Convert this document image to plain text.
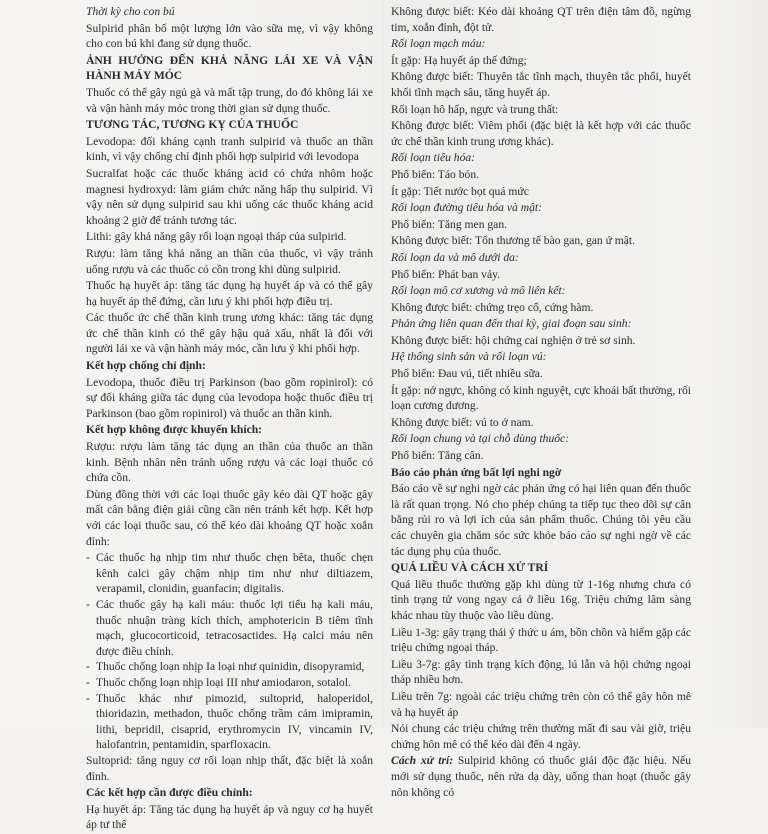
Thời kỳ cho con bú

Sulpirid phân bố một lượng lớn vào sữa mẹ, vì vậy không cho con bú khi đang sử dụng thuốc.

ẢNH HƯỞNG ĐẾN KHẢ NĂNG LÁI XE VÀ VẬN HÀNH MÁY MÓC

Thuốc có thể gây ngủ gà và mất tập trung, do đó không lái xe và vận hành máy móc trong thời gian sử dụng thuốc.

TƯƠNG TÁC, TƯƠNG KỴ CỦA THUỐC

Levodopa: đối kháng cạnh tranh sulpirid và thuốc an thần kinh, vì vậy chống chỉ định phối hợp sulpirid với levodopa

Sucralfat hoặc các thuốc kháng acid có chứa nhôm hoặc magnesi hydroxyd: làm giảm chức năng hấp thụ sulpirid. Vì vậy nên sử dụng sulpirid sau khi uống các thuốc kháng acid khoảng 2 giờ để tránh tương tác.

Lithi: gây khả năng gây rối loạn ngoại tháp của sulpirid.

Rượu: làm tăng khả năng an thần của thuốc, vì vậy tránh uống rượu và các thuốc có cồn trong khi dùng sulpirid.

Thuốc hạ huyết áp: tăng tác dụng hạ huyết áp và có thể gây hạ huyết áp thế đứng, cần lưu ý khi phối hợp điều trị.

Các thuốc ức chế thần kinh trung ương khác: tăng tác dụng ức chế thần kinh có thể gây hậu quả xấu, nhất là đối với người lái xe và vận hành máy móc, cần lưu ý khi phối hợp.

Kết hợp chống chỉ định:

Levodopa, thuốc điều trị Parkinson (bao gồm ropinirol): có sự đối kháng giữa tác dụng của levodopa hoặc thuốc điều trị Parkinson (bao gồm ropinirol) và thuốc an thần kinh.

Kết hợp không được khuyến khích:

Rượu: rượu làm tăng tác dụng an thần của thuốc an thần kinh. Bệnh nhân nên tránh uống rượu và các loại thuốc có chứa cồn.

Dùng đồng thời với các loại thuốc gây kéo dài QT hoặc gây mất cân bằng điện giải cũng cần nên tránh kết hợp. Kết hợp với các loại thuốc sau, có thể kéo dài khoảng QT hoặc xoắn đỉnh:

- Các thuốc hạ nhịp tim như thuốc chẹn bêta, thuốc chẹn kênh calci gây chậm nhịp tim như như diltiazem, verapamil, clonidin, guanfacin; digitalis.
- Các thuốc gây hạ kali máu: thuốc lợi tiểu hạ kali máu, thuốc nhuận tràng kích thích, amphotericin B tiêm tĩnh mạch, glucocorticoid, tetracosactides. Hạ calci máu nên được điều chỉnh.
- Thuốc chống loạn nhịp Ia loại như quinidin, disopyramid,
- Thuốc chống loạn nhịp loại III như amiodaron, sotalol.
- Thuốc khác như pimozid, sultoprid, haloperidol, thioridazin, methadon, thuốc chống trầm cảm imipramin, lithi, bepridil, cisaprid, erythromycin IV, vincamin IV, halofantrin, pentamidin, sparfloxacin.

Sultoprid: tăng nguy cơ rối loạn nhịp thất, đặc biệt là xoắn đỉnh.

Các kết hợp cần được điều chỉnh:

Hạ huyết áp: Tăng tác dụng hạ huyết áp và nguy cơ hạ huyết áp tư thế

Không được biết: Kéo dài khoảng QT trên điện tâm đồ, ngừng tim, xoắn đỉnh, đột tử.

Rối loạn mạch máu:

Ít gặp: Hạ huyết áp thế đứng;

Không được biết: Thuyên tắc tĩnh mạch, thuyên tắc phổi, huyết khối tĩnh mạch sâu, tăng huyết áp.

Rối loạn hô hấp, ngực và trung thất:

Không được biết: Viêm phổi (đặc biệt là kết hợp với các thuốc ức chế thần kinh trung ương khác).

Rối loạn tiêu hóa:

Phổ biến: Táo bón.

Ít gặp: Tiết nước bọt quá mức

Rối loạn đường tiêu hóa và mật:

Phổ biến: Tăng men gan.

Không được biết: Tổn thương tế bào gan, gan ứ mật.

Rối loạn da và mô dưới da:

Phổ biến: Phát ban vảy.

Rối loạn mô cơ xương và mô liên kết:

Không được biết: chứng trẹo cổ, cứng hàm.

Phản ứng liên quan đến thai kỳ, giai đoạn sau sinh:

Không được biết: hội chứng cai nghiện ở trẻ sơ sinh.

Hệ thống sinh sản và rối loạn vú:

Phổ biến: Đau vú, tiết nhiều sữa.

Ít gặp: nở ngực, không có kinh nguyệt, cực khoái bất thường, rối loạn cương dương.

Không được biết: vú to ở nam.

Rối loạn chung và tại chỗ dùng thuốc:

Phổ biến: Tăng cân.

Báo cáo phản ứng bất lợi nghi ngờ

Báo cáo về sự nghi ngờ các phản ứng có hại liên quan đến thuốc là rất quan trọng. Nó cho phép chúng ta tiếp tục theo dõi sự cân bằng rủi ro và lợi ích của sản phẩm thuốc. Chúng tôi yêu cầu các chuyên gia chăm sóc sức khỏe báo cáo sự nghi ngờ về các tác dụng phụ của thuốc.

QUÁ LIỀU VÀ CÁCH XỬ TRÍ

Quá liều thuốc thường gặp khi dùng từ 1-16g nhưng chưa có tình trạng tử vong ngay cả ở liều 16g. Triệu chứng lâm sàng khác nhau tùy thuộc vào liều dùng.

Liều 1-3g: gây trạng thái ý thức u ám, bồn chồn và hiếm gặp các triệu chứng ngoại tháp.

Liều 3-7g: gây tình trạng kích động, lú lẫn và hội chứng ngoại tháp nhiều hơn.

Liều trên 7g: ngoài các triệu chứng trên còn có thể gây hôn mê và hạ huyết áp

Nói chung các triệu chứng trên thường mất đi sau vài giờ, triệu chứng hôn mê có thể kéo dài đến 4 ngày.

Cách xử trí: Sulpirid không có thuốc giải độc đặc hiệu. Nếu mới sử dụng thuốc, nên rửa dạ dày, uống than hoạt (thuốc gây nôn không có
